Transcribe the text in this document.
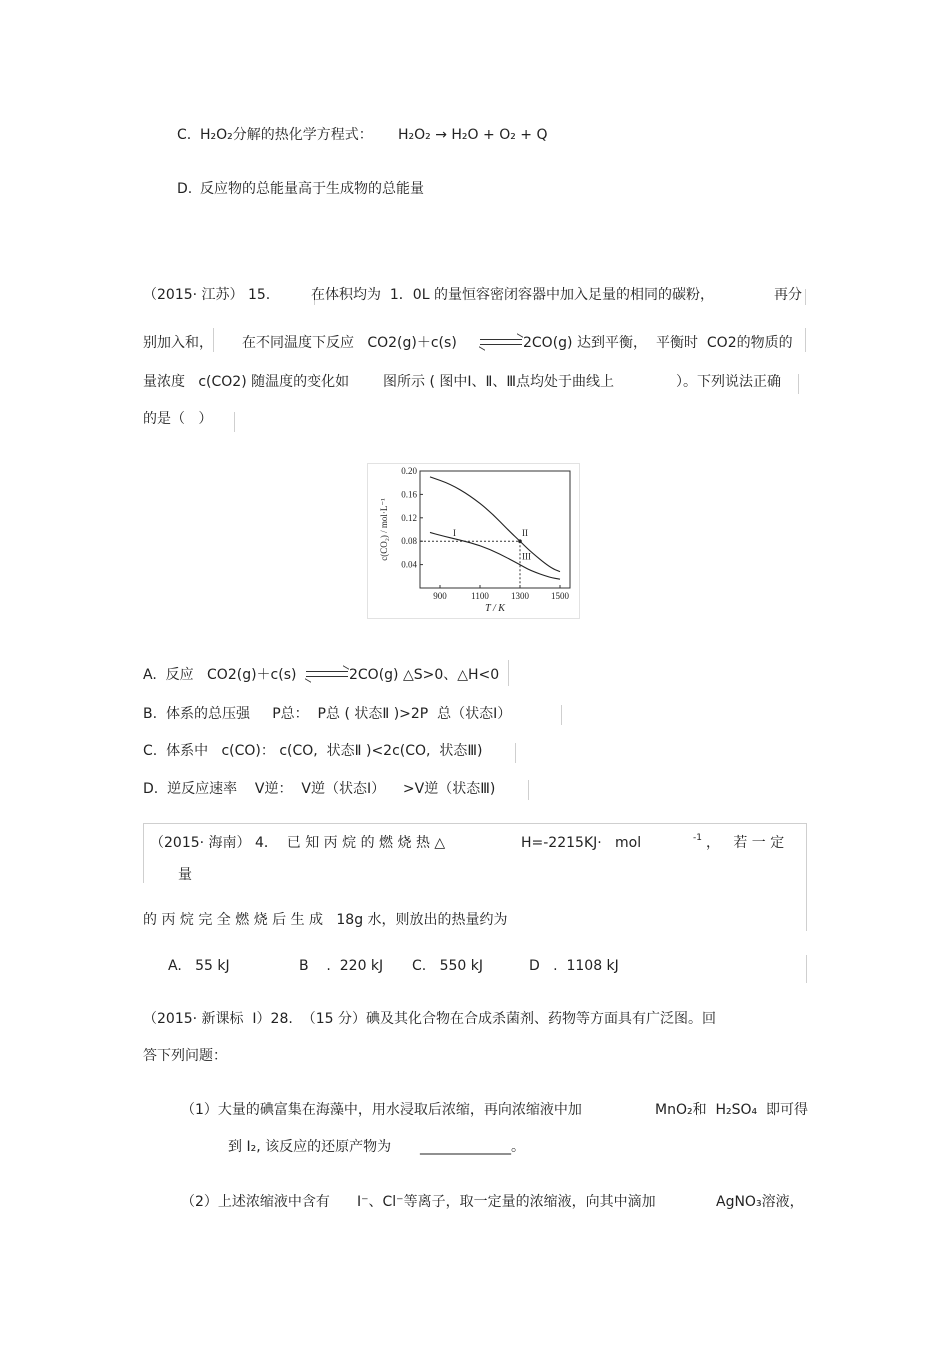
C. H₂O₂分解的热化学方程式： H₂O₂ → H₂O + O₂ + Q
D. 反应物的总能量高于生成物的总能量
（2015· 江苏） 15.	在体积均为  1．0L 的量恒容密闭容器中加入足量的相同的碳粉，	再分
别加入和， 在不同温度下反应   CO2(g)＋c(s) → 2CO(g) 达到平衡， 平衡时  CO2的物质的
量浓度   c(CO2) 随温度的变化如 图所示 ( 图中Ⅰ、Ⅱ、Ⅲ点均处于曲线上	）。下列说法正确
的是（   ）
0.20
0.16
0.12
0.08
0.04
900	1100 1300 1500
T / K
c(CO₂) / mol·L⁻¹	I	II
III
A.  反应   CO2(g)＋c(s) → 2CO(g) △S>0、△H<0
B.  体系的总压强     P总：  P总 ( 状态Ⅱ )>2P  总（状态Ⅰ）
C.  体系中   c(CO)： c(CO,  状态Ⅱ )<2c(CO,  状态Ⅲ)
D.  逆反应速率    V逆：  V逆（状态Ⅰ）    >V逆（状态Ⅲ)
（2015· 海南） 4．  已 知 丙 烷 的 燃 烧 热 △	H=-2215KJ·   mol	-1 ，   若 一 定
量
的 丙 烷 完 全 燃 烧 后 生 成   18g 水，则放出的热量约为
A.   55 kJ	B    .  220 kJ C.   550 kJ	D   .  1108 kJ
（2015· 新课标  Ⅰ）28.  （15 分）碘及其化合物在合成杀菌剂、药物等方面具有广泛图。回
答下列问题：
（1）大量的碘富集在海藻中，用水浸取后浓缩，再向浓缩液中加	MnO₂和  H₂SO₄  即可得
到 I₂, 该反应的还原产物为 _____________。
（2）上述浓缩液中含有 I⁻、Cl⁻等离子，取一定量的浓缩液，向其中滴加	AgNO₃溶液，
